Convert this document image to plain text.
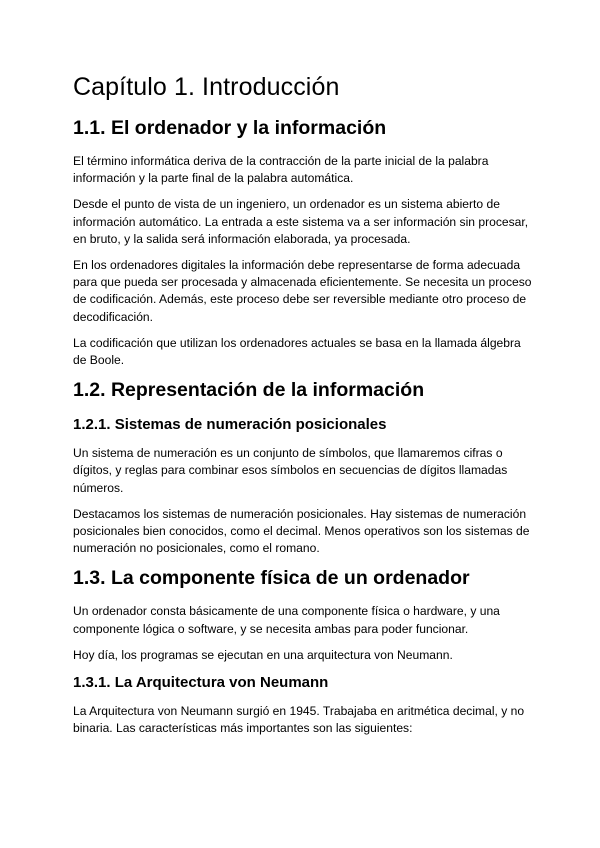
Capítulo 1. Introducción
1.1. El ordenador y la información

El término informática deriva de la contracción de la parte inicial de la palabra información y la parte final de la palabra automática.

Desde el punto de vista de un ingeniero, un ordenador es un sistema abierto de información automático. La entrada a este sistema va a ser información sin procesar, en bruto, y la salida será información elaborada, ya procesada.

En los ordenadores digitales la información debe representarse de forma adecuada para que pueda ser procesada y almacenada eficientemente. Se necesita un proceso de codificación. Además, este proceso debe ser reversible mediante otro proceso de decodificación.

La codificación que utilizan los ordenadores actuales se basa en la llamada álgebra de Boole.

1.2. Representación de la información
1.2.1. Sistemas de numeración posicionales

Un sistema de numeración es un conjunto de símbolos, que llamaremos cifras o dígitos, y reglas para combinar esos símbolos en secuencias de dígitos llamadas números.

Destacamos los sistemas de numeración posicionales. Hay sistemas de numeración posicionales bien conocidos, como el decimal. Menos operativos son los sistemas de numeración no posicionales, como el romano.

1.3. La componente física de un ordenador

Un ordenador consta básicamente de una componente física o hardware, y una componente lógica o software, y se necesita ambas para poder funcionar.

Hoy día, los programas se ejecutan en una arquitectura von Neumann.

1.3.1. La Arquitectura von Neumann

La Arquitectura von Neumann surgió en 1945. Trabajaba en aritmética decimal, y no binaria. Las características más importantes son las siguientes:
